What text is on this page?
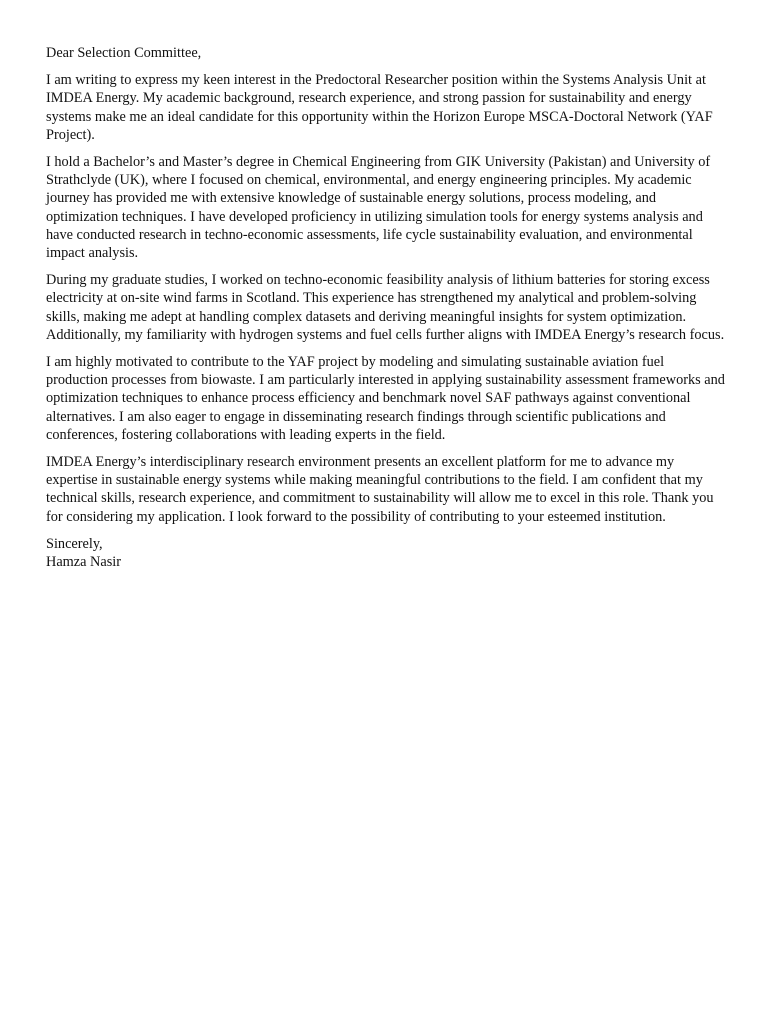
Dear Selection Committee,

I am writing to express my keen interest in the Predoctoral Researcher position within the Systems Analysis Unit at IMDEA Energy. My academic background, research experience, and strong passion for sustainability and energy systems make me an ideal candidate for this opportunity within the Horizon Europe MSCA-Doctoral Network (YAF Project).

I hold a Bachelor’s and Master’s degree in Chemical Engineering from GIK University (Pakistan) and University of Strathclyde (UK), where I focused on chemical, environmental, and energy engineering principles. My academic journey has provided me with extensive knowledge of sustainable energy solutions, process modeling, and optimization techniques. I have developed proficiency in utilizing simulation tools for energy systems analysis and have conducted research in techno-economic assessments, life cycle sustainability evaluation, and environmental impact analysis.

During my graduate studies, I worked on techno-economic feasibility analysis of lithium batteries for storing excess electricity at on-site wind farms in Scotland. This experience has strengthened my analytical and problem-solving skills, making me adept at handling complex datasets and deriving meaningful insights for system optimization. Additionally, my familiarity with hydrogen systems and fuel cells further aligns with IMDEA Energy’s research focus.

I am highly motivated to contribute to the YAF project by modeling and simulating sustainable aviation fuel production processes from biowaste. I am particularly interested in applying sustainability assessment frameworks and optimization techniques to enhance process efficiency and benchmark novel SAF pathways against conventional alternatives. I am also eager to engage in disseminating research findings through scientific publications and conferences, fostering collaborations with leading experts in the field.

IMDEA Energy’s interdisciplinary research environment presents an excellent platform for me to advance my expertise in sustainable energy systems while making meaningful contributions to the field. I am confident that my technical skills, research experience, and commitment to sustainability will allow me to excel in this role. Thank you for considering my application. I look forward to the possibility of contributing to your esteemed institution.

Sincerely,

Hamza Nasir
